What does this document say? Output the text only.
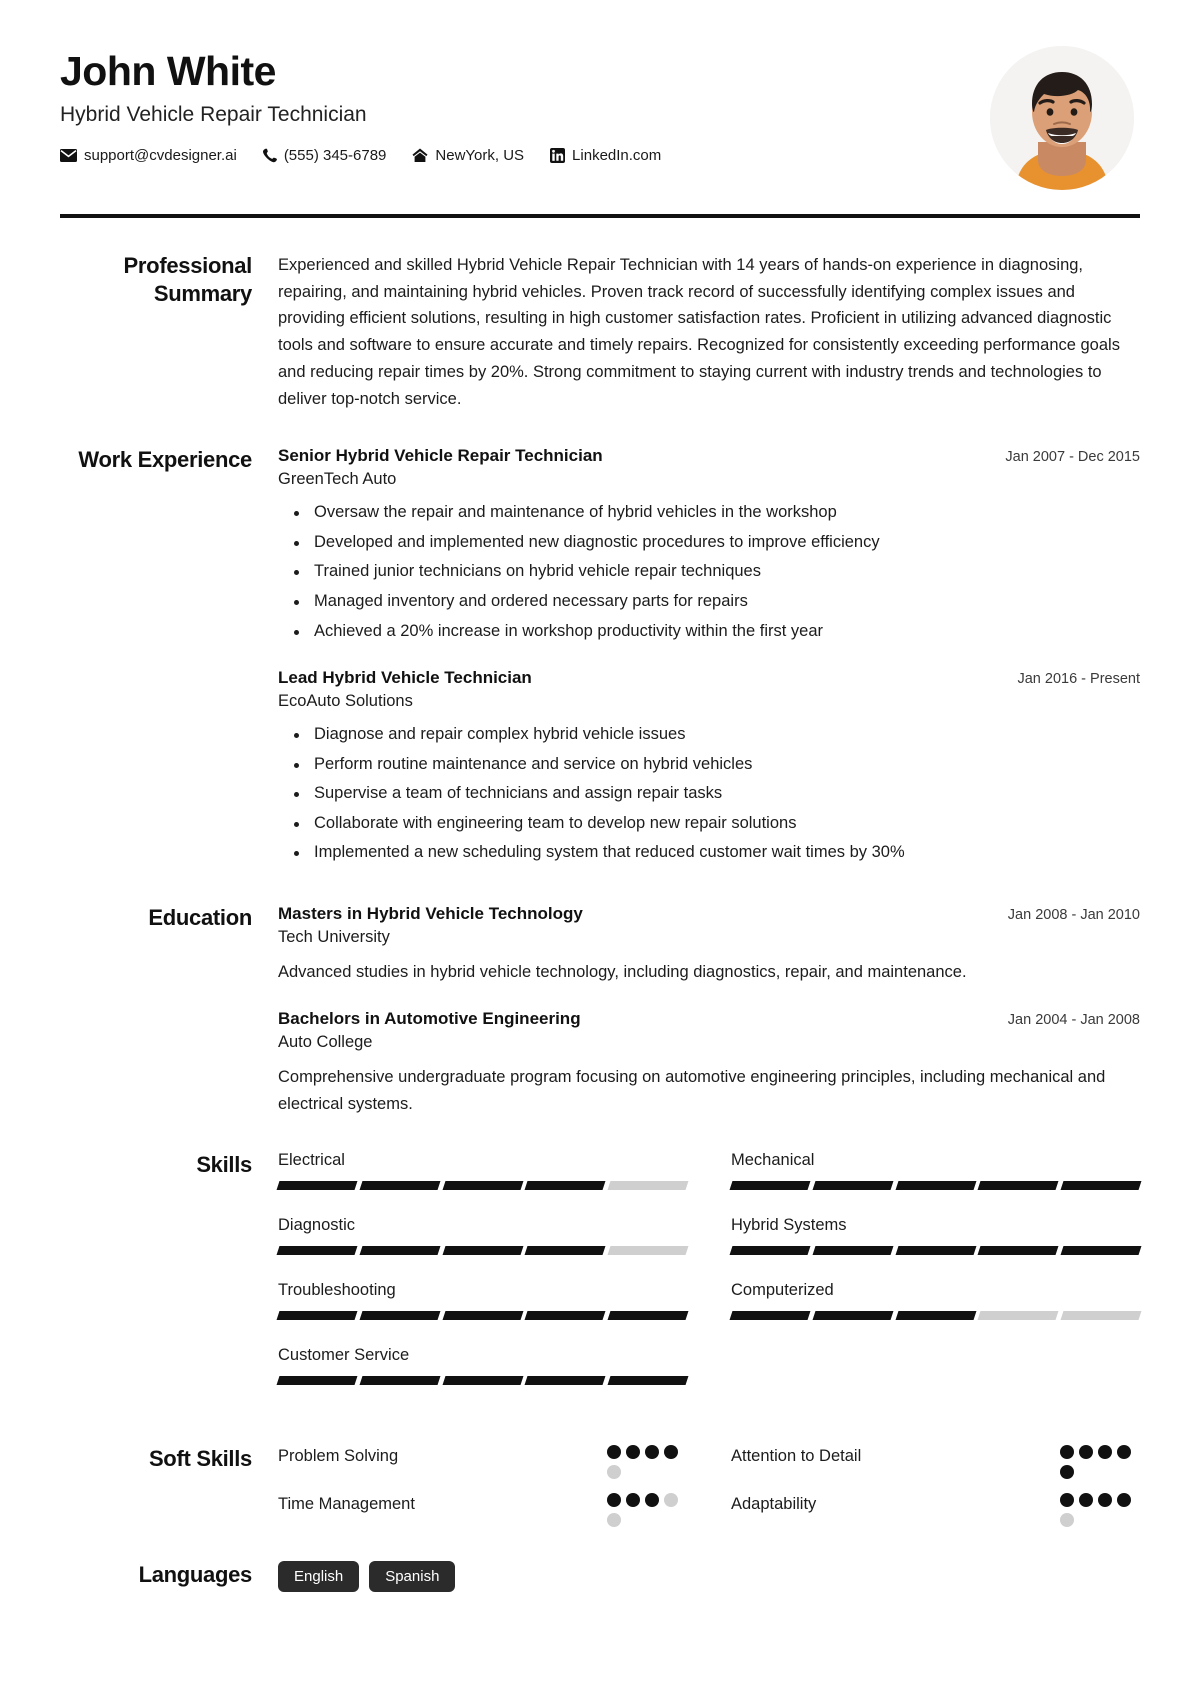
John White
Hybrid Vehicle Repair Technician
support@cvdesigner.ai	(555) 345-6789	NewYork, US	LinkedIn.com
Professional Summary
Experienced and skilled Hybrid Vehicle Repair Technician with 14 years of hands-on experience in diagnosing, repairing, and maintaining hybrid vehicles. Proven track record of successfully identifying complex issues and providing efficient solutions, resulting in high customer satisfaction rates. Proficient in utilizing advanced diagnostic tools and software to ensure accurate and timely repairs. Recognized for consistently exceeding performance goals and reducing repair times by 20%. Strong commitment to staying current with industry trends and technologies to deliver top-notch service.
Work Experience	Senior Hybrid Vehicle Repair Technician	Jan 2007 - Dec 2015
GreenTech Auto
Oversaw the repair and maintenance of hybrid vehicles in the workshop
Developed and implemented new diagnostic procedures to improve efficiency
Trained junior technicians on hybrid vehicle repair techniques
Managed inventory and ordered necessary parts for repairs
Achieved a 20% increase in workshop productivity within the first year
Lead Hybrid Vehicle Technician	Jan 2016 - Present
EcoAuto Solutions
Diagnose and repair complex hybrid vehicle issues
Perform routine maintenance and service on hybrid vehicles
Supervise a team of technicians and assign repair tasks
Collaborate with engineering team to develop new repair solutions
Implemented a new scheduling system that reduced customer wait times by 30%
Education	Masters in Hybrid Vehicle Technology	Jan 2008 - Jan 2010
Tech University
Advanced studies in hybrid vehicle technology, including diagnostics, repair, and maintenance.
Bachelors in Automotive Engineering	Jan 2004 - Jan 2008
Auto College
Comprehensive undergraduate program focusing on automotive engineering principles, including mechanical and electrical systems.
Skills	Electrical	Mechanical
Diagnostic	Hybrid Systems
Troubleshooting	Computerized
Customer Service
Soft Skills	Problem Solving	Attention to Detail
Time Management	Adaptability
Languages	English	Spanish
